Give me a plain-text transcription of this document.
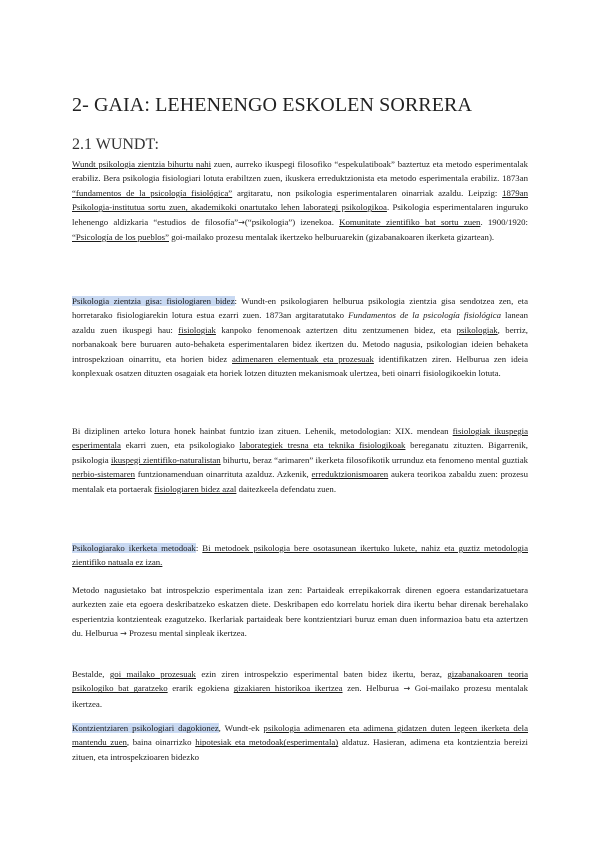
2- GAIA: LEHENENGO ESKOLEN SORRERA
2.1 WUNDT:

Wundt psikologia zientzia bihurtu nahi zuen, aurreko ikuspegi filosofiko “espekulatiboak” baztertuz eta metodo esperimentalak erabiliz. Bera psikologia fisiologiari lotuta erabiltzen zuen, ikuskera erreduktzionista eta metodo esperimentala erabiliz. 1873an “fundamentos de la psicología fisiológica” argitaratu, non psikologia esperimentalaren oinarriak azaldu. Leipzig: 1879an Psikologia-institutua sortu zuen, akademikoki onartutako lehen laborategi psikologikoa. Psikologia esperimentalaren inguruko lehenengo aldizkaria “estudios de filosofía”→(“psikologia”) izenekoa. Komunitate zientifiko bat sortu zuen. 1900/1920: “Psicología de los pueblos” goi-mailako prozesu mentalak ikertzeko helburuarekin (gizabanakoaren ikerketa gizartean).

Psikologia zientzia gisa: fisiologiaren bidez: Wundt-en psikologiaren helburua psikologia zientzia gisa sendotzea zen, eta horretarako fisiologiarekin lotura estua ezarri zuen. 1873an argitaratutako Fundamentos de la psicología fisiológica lanean azaldu zuen ikuspegi hau: fisiologiak kanpoko fenomenoak aztertzen ditu zentzumenen bidez, eta psikologiak, berriz, norbanakoak bere buruaren auto-behaketa esperimentalaren bidez ikertzen du. Metodo nagusia, psikologian ideien behaketa introspekzioan oinarritu, eta horien bidez adimenaren elementuak eta prozesuak identifikatzen ziren. Helburua zen ideia konplexuak osatzen dituzten osagaiak eta horiek lotzen dituzten mekanismoak ulertzea, beti oinarri fisiologikoekin lotuta.

Bi diziplinen arteko lotura honek hainbat funtzio izan zituen. Lehenik, metodologian: XIX. mendean fisiologiak ikuspegia esperimentala ekarri zuen, eta psikologiako laborategiek tresna eta teknika fisiologikoak bereganatu zituzten. Bigarrenik, psikologia ikuspegi zientifiko-naturalistan bihurtu, beraz “arimaren” ikerketa filosofikotik urrunduz eta fenomeno mental guztiak nerbio-sistemaren funtzionamenduan oinarrituta azalduz. Azkenik, erreduktzionismoaren aukera teorikoa zabaldu zuen: prozesu mentalak eta portaerak fisiologiaren bidez azal daitezkeela defendatu zuen.

Psikologiarako ikerketa metodoak: Bi metodoek psikologia bere osotasunean ikertuko lukete, nahiz eta guztiz metodologia zientifiko natuala ez izan.

Metodo nagusietako bat introspekzio esperimentala izan zen: Partaideak errepikakorrak direnen egoera estandarizatuetara aurkezten zaie eta egoera deskribatzeko eskatzen diete. Deskribapen edo korrelatu horiek dira ikertu behar direnak berehalako esperientzia kontzienteak ezagutzeko. Ikerlariak partaideak bere kontzientziari buruz eman duen informazioa batu eta aztertzen du. Helburua → Prozesu mental sinpleak ikertzea.

Bestalde, goi mailako prozesuak ezin ziren introspekzio esperimental baten bidez ikertu, beraz, gizabanakoaren teoria psikologiko bat garatzeko erarik egokiena gizakiaren historikoa ikertzea zen. Helburua → Goi-mailako prozesu mentalak ikertzea.

Kontzientziaren psikologiari dagokionez, Wundt-ek psikologia adimenaren eta adimena gidatzen duten legeen ikerketa dela mantendu zuen, baina oinarrizko hipotesiak eta metodoak(esperimentala) aldatuz. Hasieran, adimena eta kontzientzia bereizi zituen, eta introspekzioaren bidezko
